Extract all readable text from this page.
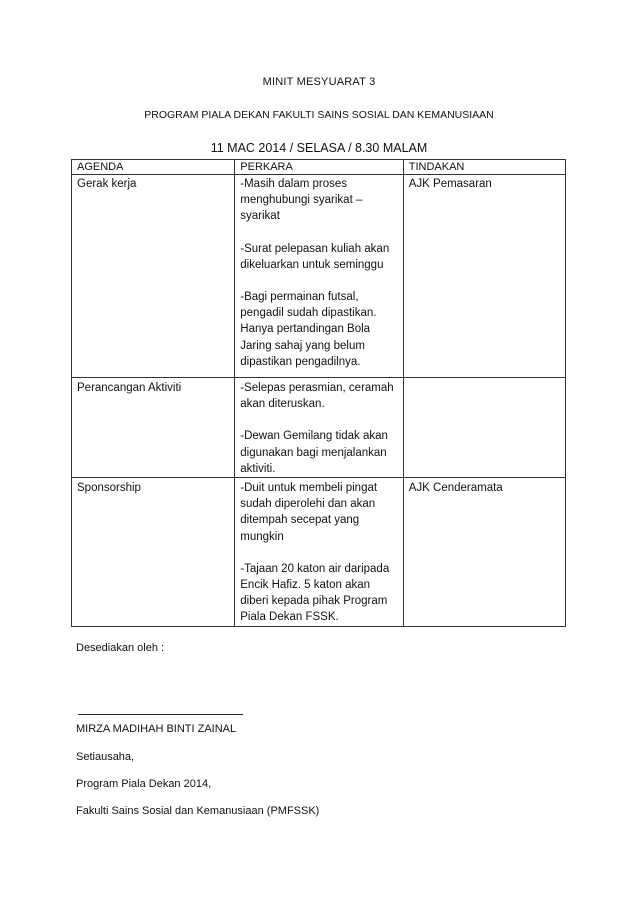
MINIT MESYUARAT 3
PROGRAM PIALA DEKAN FAKULTI SAINS SOSIAL DAN KEMANUSIAAN
11 MAC 2014 / SELASA / 8.30 MALAM
AGENDA	PERKARA	TINDAKAN
Gerak kerja	-Masih dalam proses menghubungi syarikat – syarikat
-Surat pelepasan kuliah akan dikeluarkan untuk seminggu
-Bagi permainan futsal, pengadil sudah dipastikan. Hanya pertandingan Bola Jaring sahaj yang belum dipastikan pengadilnya.	AJK Pemasaran
Perancangan Aktiviti	-Selepas perasmian, ceramah akan diteruskan.
-Dewan Gemilang tidak akan digunakan bagi menjalankan aktiviti.	

Sponsorship	-Duit untuk membeli pingat sudah diperolehi dan akan ditempah secepat yang mungkin
-Tajaan 20 katon air daripada Encik Hafiz. 5 katon akan diberi kepada pihak Program Piala Dekan FSSK.	AJK Cenderamata
Desediakan oleh :
MIRZA MADIHAH BINTI ZAINAL
Setiausaha,
Program Piala Dekan 2014,
Fakulti Sains Sosial dan Kemanusiaan (PMFSSK)
